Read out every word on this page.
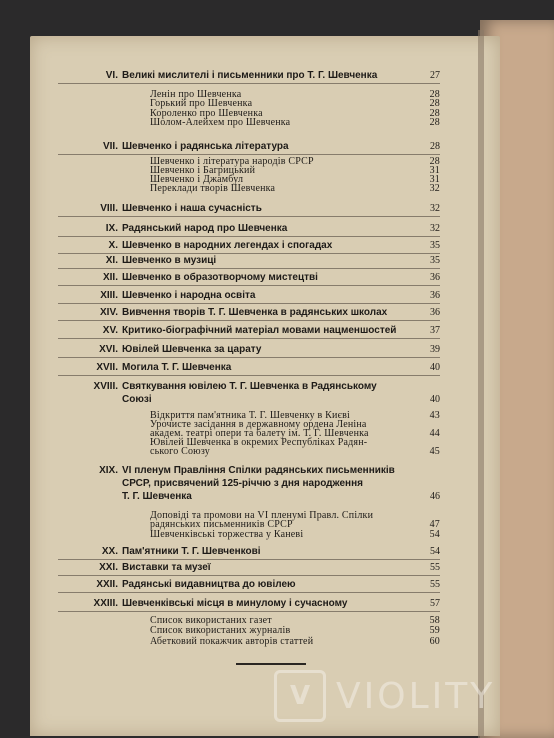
VI. Великі мислителі і письменники про Т. Г. Шевченка	27
Ленін про Шевченка	28
Горький про Шевченка	28
Короленко про Шевченка	28
Шолом-Алейхем про Шевченка	28
VII. Шевченко і радянська література	28
Шевченко і література народів СРСР	28
Шевченко і Багрицький	31
Шевченко і Джамбул	31
Переклади творів Шевченка	32
VIII. Шевченко і наша сучасність	32
IX. Радянський народ про Шевченка	32
X. Шевченко в народних легендах і спогадах	35
XI. Шевченко в музиці	35
XII. Шевченко в образотворчому мистецтві	36
XIII. Шевченко і народна освіта	36
XIV. Вивчення творів Т. Г. Шевченка в радянських школах	36
XV. Критико-біографічний матеріал мовами нацменшостей	37
XVI. Ювілей Шевченка за царату	39
XVII. Могила Т. Г. Шевченка	40
XVIII. Святкування ювілею Т. Г. Шевченка в Радянському
Союзі	40
Відкриття пам'ятника Т. Г. Шевченку в Києві	43
Урочисте засідання в державному ордена Леніна
академ. театрі опери та балету ім. Т. Г. Шевченка	44
Ювілей Шевченка в окремих Республіках Радян-
ського Союзу	45
XIX. VI пленум Правління Спілки радянських письменників
СРСР, присвячений 125-річчю з дня народження
Т. Г. Шевченка	46
Доповіді та промови на VI пленумі Правл. Спілки
радянських письменників СРСР	47
Шевченківські торжества у Каневі	54
XX. Пам'ятники Т. Г. Шевченкові	54
XXI. Виставки та музеї	55
XXII. Радянські видавництва до ювілею	55
XXIII. Шевченківські місця в минулому і сучасному	57
Список використаних газет	58
Список використаних журналів	59
Абетковий покажчик авторів статтей	60
V VIOLITY
